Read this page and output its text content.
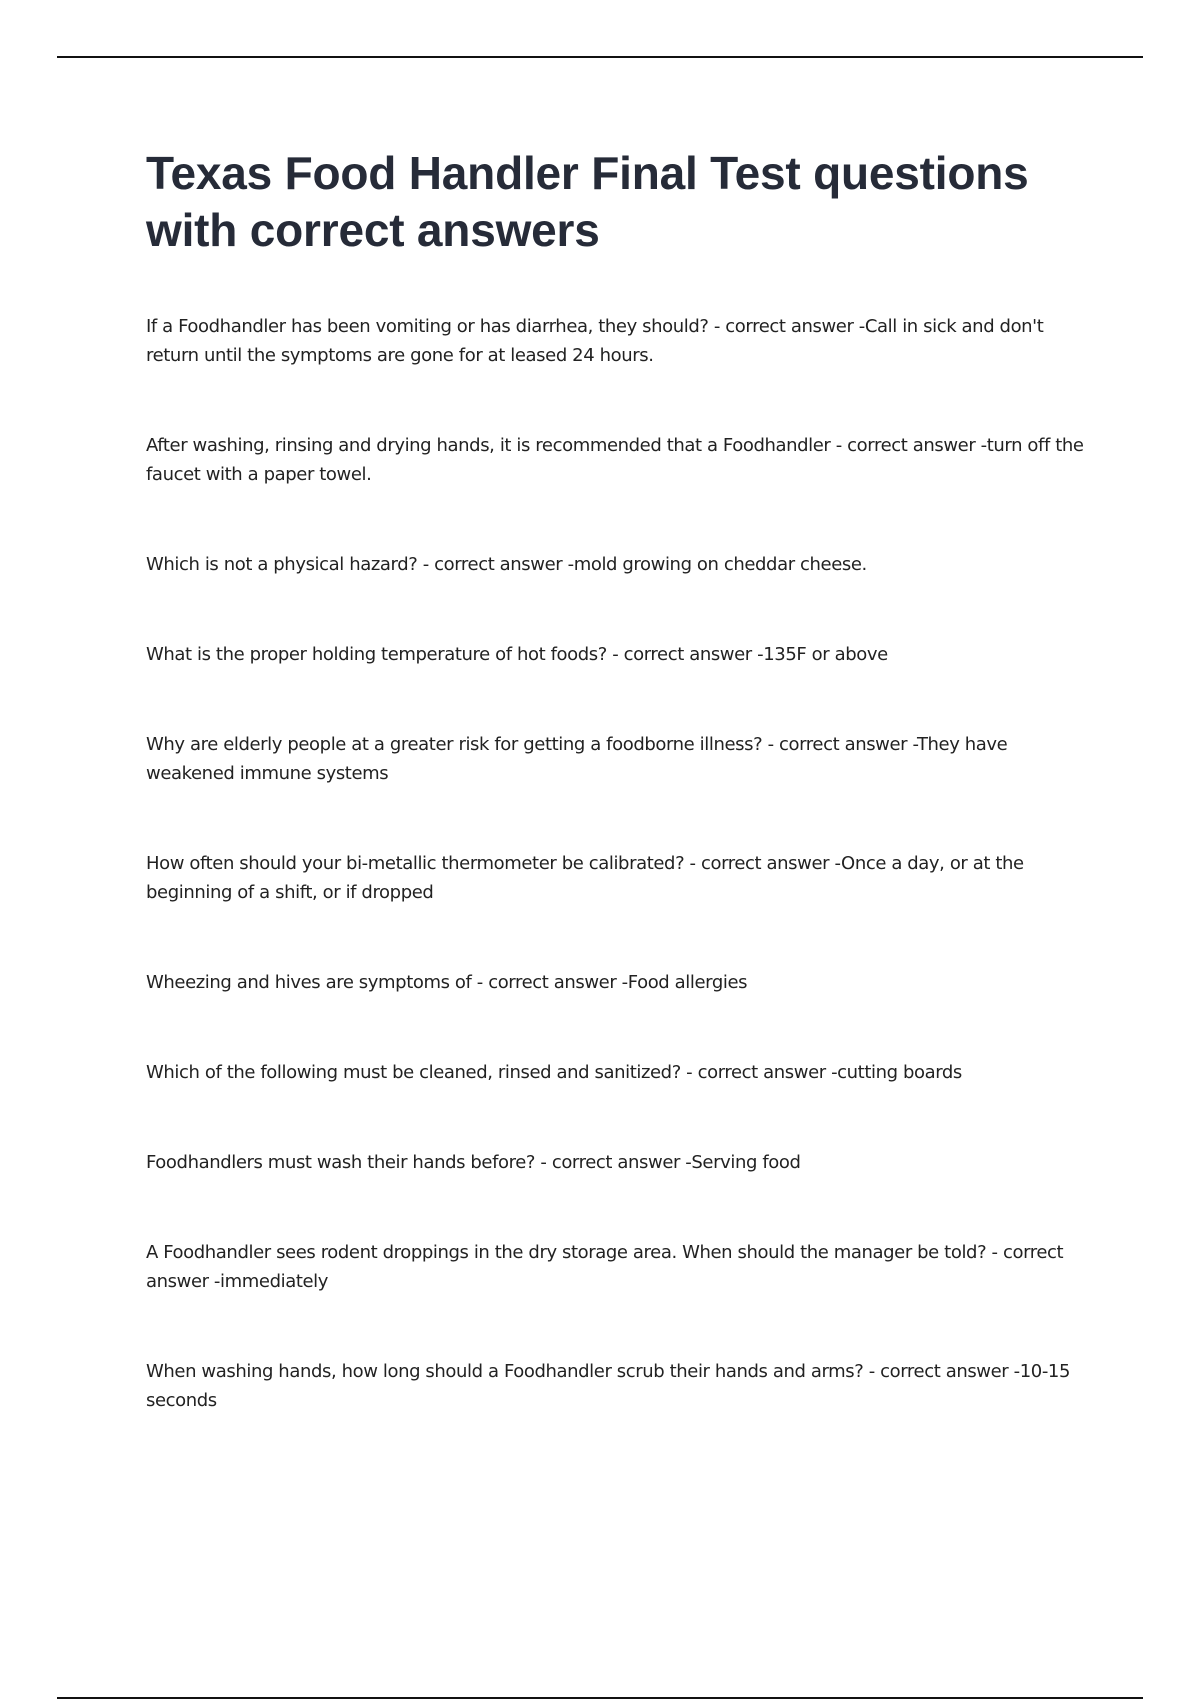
Texas Food Handler Final Test questions with correct answers
If a Foodhandler has been vomiting or has diarrhea, they should? - correct answer -Call in sick and don't return until the symptoms are gone for at leased 24 hours.
After washing, rinsing and drying hands, it is recommended that a Foodhandler - correct answer -turn off the faucet with a paper towel.
Which is not a physical hazard? - correct answer -mold growing on cheddar cheese.
What is the proper holding temperature of hot foods? - correct answer -135F or above
Why are elderly people at a greater risk for getting a foodborne illness? - correct answer -They have weakened immune systems
How often should your bi-metallic thermometer be calibrated? - correct answer -Once a day, or at the beginning of a shift, or if dropped
Wheezing and hives are symptoms of - correct answer -Food allergies
Which of the following must be cleaned, rinsed and sanitized? - correct answer -cutting boards
Foodhandlers must wash their hands before? - correct answer -Serving food
A Foodhandler sees rodent droppings in the dry storage area. When should the manager be told? - correct answer -immediately
When washing hands, how long should a Foodhandler scrub their hands and arms? - correct answer -10-15 seconds
